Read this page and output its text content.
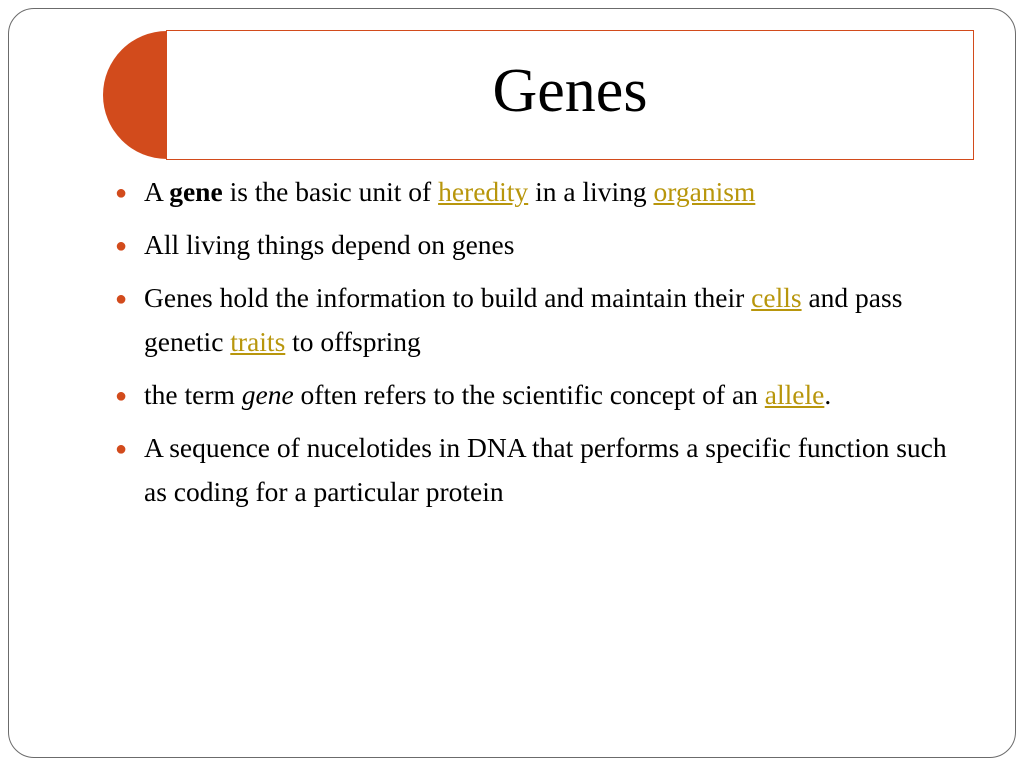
Genes
● A gene is the basic unit of heredity in a living organism
● All living things depend on genes
● Genes hold the information to build and maintain their cells and pass genetic traits to offspring
● the term gene often refers to the scientific concept of an allele.
● A sequence of nucelotides in DNA that performs a specific function such as coding for a particular protein
